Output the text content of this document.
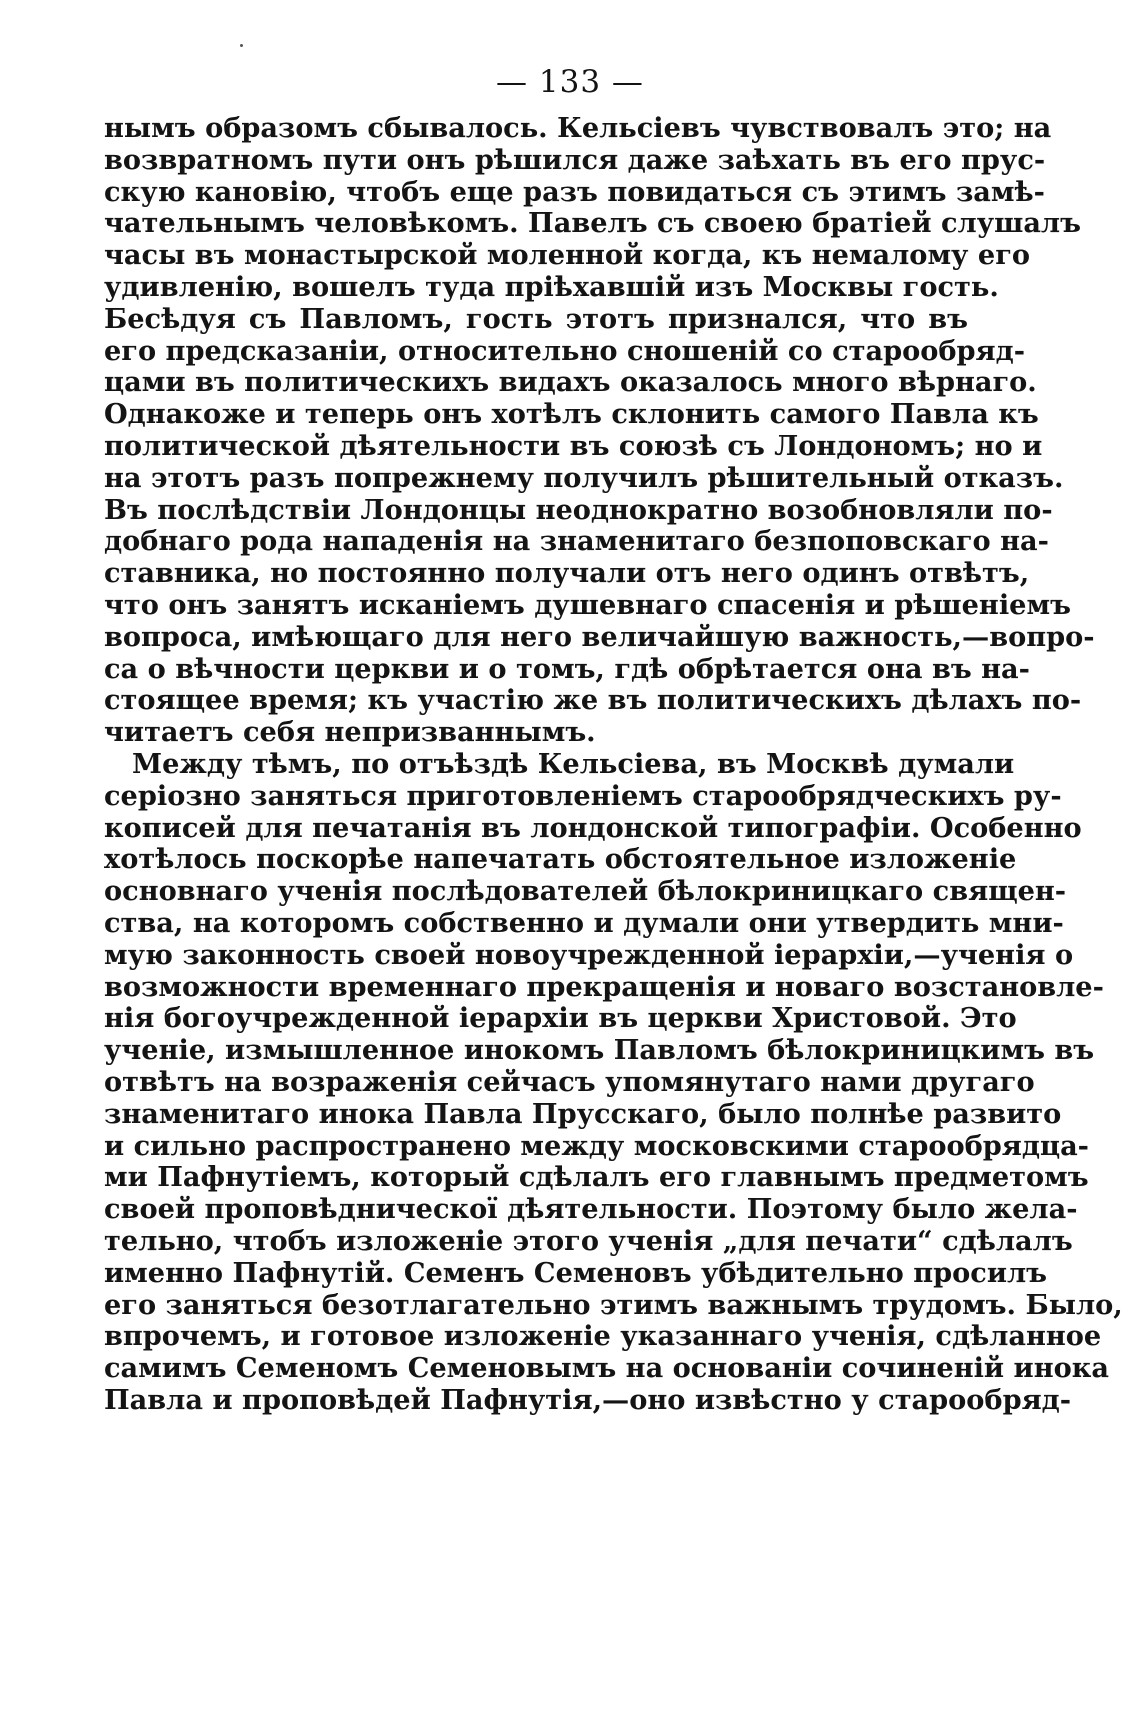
— 133 —
нымъ образомъ сбывалось. Кельсіевъ чувствовалъ это; на
возвратномъ пути онъ рѣшился даже заѣхать въ его прус-
скую кановію, чтобъ еще разъ повидаться съ этимъ замѣ-
чательнымъ человѣкомъ. Павелъ съ своею братіей слушалъ
часы въ монастырской моленной когда, къ немалому его
удивленію, вошелъ туда пріѣхавшій изъ Москвы гость.
Бесѣдуя съ Павломъ, гость этотъ признался, что въ
его предсказаніи, относительно сношеній со старообряд-
цами въ политическихъ видахъ оказалось много вѣрнаго.
Однакоже и теперь онъ хотѣлъ склонить самого Павла къ
политической дѣятельности въ союзѣ съ Лондономъ; но и
на этотъ разъ попрежнему получилъ рѣшительный отказъ.
Въ послѣдствіи Лондонцы неоднократно возобновляли по-
добнаго рода нападенія на знаменитаго безпоповскаго на-
ставника, но постоянно получали отъ него одинъ отвѣтъ,
что онъ занятъ исканіемъ душевнаго спасенія и рѣшеніемъ
вопроса, имѣющаго для него величайшую важность,—вопро-
са о вѣчности церкви и о томъ, гдѣ обрѣтается она въ на-
стоящее время; къ участію же въ политическихъ дѣлахъ по-
читаетъ себя непризваннымъ.
Между тѣмъ, по отъѣздѣ Кельсіева, въ Москвѣ думали
серіозно заняться приготовленіемъ старообрядческихъ ру-
кописей для печатанія въ лондонской типографіи. Особенно
хотѣлось поскорѣе напечатать обстоятельное изложеніе
основнаго ученія послѣдователей бѣлокриницкаго священ-
ства, на которомъ собственно и думали они утвердить мни-
мую законность своей новоучрежденной іерархіи,—ученія о
возможности временнаго прекращенія и новаго возстановле-
нія богоучрежденной іерархіи въ церкви Христовой. Это
ученіе, измышленное инокомъ Павломъ бѣлокриницкимъ въ
отвѣтъ на возраженія сейчасъ упомянутаго нами другаго
знаменитаго инока Павла Прусскаго, было полнѣе развито
и сильно распространено между московскими старообрядца-
ми Пафнутіемъ, который сдѣлалъ его главнымъ предметомъ
своей проповѣдническої дѣятельности. Поэтому было жела-
тельно, чтобъ изложеніе этого ученія „для печати“ сдѣлалъ
именно Пафнутій. Семенъ Семеновъ убѣдительно просилъ
его заняться безотлагательно этимъ важнымъ трудомъ. Было,
впрочемъ, и готовое изложеніе указаннаго ученія, сдѣланное
самимъ Семеномъ Семеновымъ на основаніи сочиненій инока
Павла и проповѣдей Пафнутія,—оно извѣстно у старообряд-
